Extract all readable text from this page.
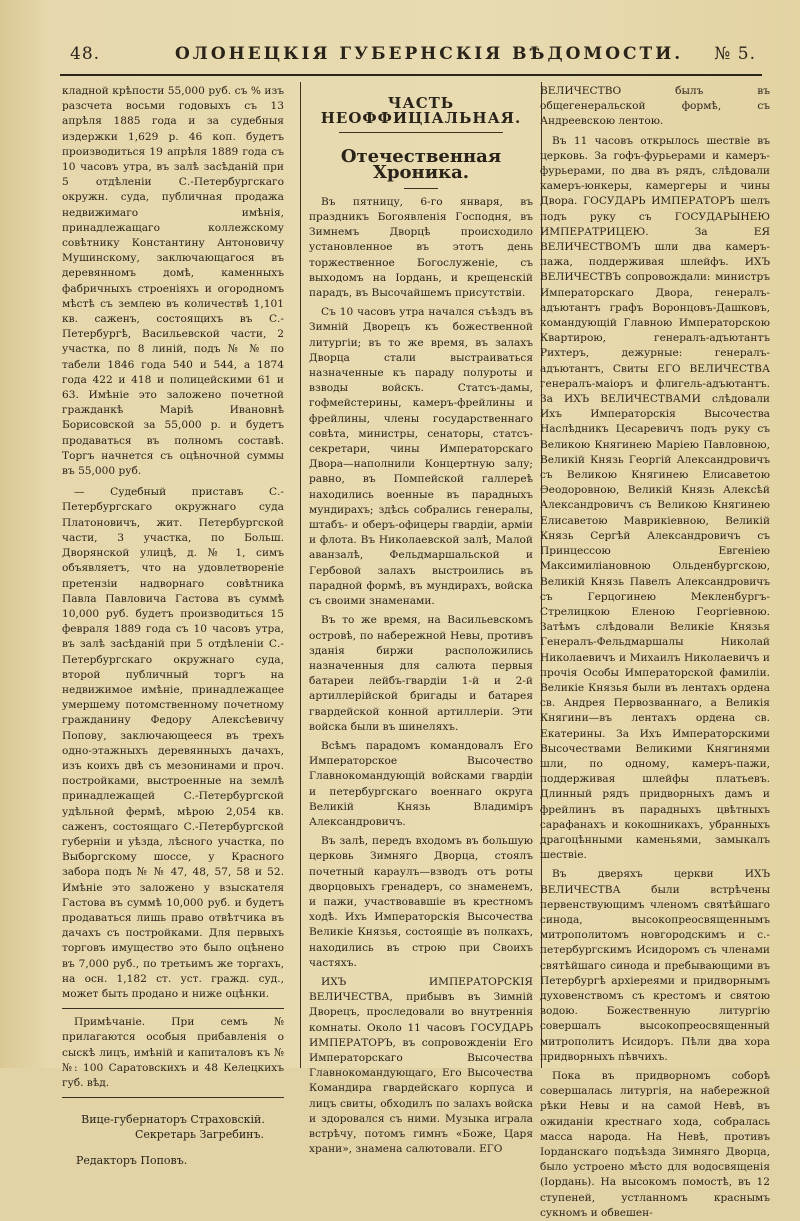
48.	ОЛОНЕЦКІЯ ГУБЕРНСКІЯ ВѢДОМОСТИ. № 5.

кладной крѣпости 55,000 руб. съ % изъ разсчета восьми годовыхъ съ 13 апрѣля 1885 года и за судебныя издержки 1,629 р. 46 коп. будетъ производиться 19 апрѣля 1889 года съ 10 часовъ утра, въ залѣ засѣданій при 5 отдѣленіи С.-Петербургскаго окружн. суда, публичная продажа недвижимаго имѣнія, принадлежащаго коллежскому совѣтнику Константину Антоновичу Мушинскому, заключающагося въ деревянномъ домѣ, каменныхъ фабричныхъ строеніяхъ и огородномъ мѣстѣ съ землею въ количествѣ 1,101 кв. саженъ, состоящихъ въ С.-Петербургѣ, Васильевской части, 2 участка, по 8 линій, подъ № № по табели 1846 года 540 и 544, а 1874 года 422 и 418 и полицейскими 61 и 63. Имѣніе это заложено почетной гражданкѣ Маріѣ Ивановнѣ Борисовской за 55,000 р. и будетъ продаваться въ полномъ составѣ. Торгъ начнется съ оцѣночной суммы въ 55,000 руб.

— Судебный приставъ С.-Петербургскаго окружнаго суда Платоновичъ, жит. Петербургской части, 3 участка, по Больш. Дворянской улицѣ, д. № 1, симъ объявляетъ, что на удовлетвореніе претензіи надворнаго совѣтника Павла Павловича Гастова въ суммѣ 10,000 руб. будетъ производиться 15 февраля 1889 года съ 10 часовъ утра, въ залѣ засѣданій при 5 отдѣленіи С.-Петербургскаго окружнаго суда, второй публичный торгъ на недвижимое имѣніе, принадлежащее умершему потомственному почетному гражданину Федору Алексѣевичу Попову, заключающееся въ трехъ одно-этажныхъ деревянныхъ дачахъ, изъ коихъ двѣ съ мезонинами и проч. постройками, выстроенные на землѣ принадлежащей С.-Петербургской удѣльной фермѣ, мѣрою 2,054 кв. саженъ, состоящаго С.-Петербургской губерніи и уѣзда, лѣсного участка, по Выборгскому шоссе, у Красного забора подъ № № 47, 48, 57, 58 и 52. Имѣніе это заложено у взыскателя Гастова въ суммѣ 10,000 руб. и будетъ продаваться лишь право отвѣтчика въ дачахъ съ постройками. Для первыхъ торговъ имущество это было оцѣнено въ 7,000 руб., по третьимъ же торгахъ, на осн. 1,182 ст. уст. гражд. суд., может быть продано и ниже оцѣнки.

Примѣчаніе. При семъ № прилагаются особыя прибавленія о сыскѣ лицъ, имѣній и капиталовъ къ №№: 100 Саратовскихъ и 48 Келецкихъ губ. вѣд.

Вице-губернаторъ Страховскій.

Секретарь Загребинъ.

Редакторъ Поповъ.

ЧАСТЬ НЕОФФИЦІАЛЬНАЯ.
Отечественная Хроника.

Въ пятницу, 6-го января, въ праздникъ Богоявленія Господня, въ Зимнемъ Дворцѣ происходило установленное въ этотъ день торжественное Богослуженіе, съ выходомъ на Іордань, и крещенскій парадъ, въ Высочайшемъ присутствіи.

Съ 10 часовъ утра начался съѣздъ въ Зимній Дворецъ къ божественной литургіи; въ то же время, въ залахъ Дворца стали выстраиваться назначенные къ параду полуроты и взводы войскъ. Статсъ-дамы, гофмейстерины, камеръ-фрейлины и фрейлины, члены государственнаго совѣта, министры, сенаторы, статсъ-секретари, чины Императорскаго Двора—наполнили Концертную залу; равно, въ Помпейской галлереѣ находились военные въ парадныхъ мундирахъ; здѣсь собрались генералы, штабъ- и оберъ-офицеры гвардіи, арміи и флота. Въ Николаевской залѣ, Малой аванзалѣ, Фельдмаршальской и Гербовой залахъ выстроились въ парадной формѣ, въ мундирахъ, войска съ своими знаменами.

Въ то же время, на Васильевскомъ островѣ, по набережной Невы, противъ зданія биржи расположились назначенныя для салюта первыя батареи лейбъ-гвардіи 1-й и 2-й артиллерійской бригады и батарея гвардейской конной артиллеріи. Эти войска были въ шинеляхъ.

Всѣмъ парадомъ командовалъ Его Императорское Высочество Главнокомандующій войсками гвардіи и петербургскаго военнаго округа Великій Князь Владиміръ Александровичъ.

Въ залѣ, передъ входомъ въ большую церковь Зимняго Дворца, стоялъ почетный караулъ—взводъ отъ роты дворцовыхъ гренадеръ, со знаменемъ, и пажи, участвовавшіе въ крестномъ ходѣ. Ихъ Императорскія Высочества Великіе Князья, состоящіе въ полкахъ, находились въ строю при Своихъ частяхъ.

ИХЪ ИМПЕРАТОРСКІЯ ВЕЛИЧЕСТВА, прибывъ въ Зимній Дворецъ, проследовали во внутреннія комнаты. Около 11 часовъ ГОСУДАРЬ ИМПЕРАТОРЪ, въ сопровожденіи Его Императорскаго Высочества Главнокомандующаго, Его Высочества Командира гвардейскаго корпуса и лицъ свиты, обходилъ по залахъ войска и здоровался съ ними. Музыка играла встрѣчу, потомъ гимнъ «Боже, Царя храни», знамена салютовали. ЕГО

ВЕЛИЧЕСТВО былъ въ общегенеральской формѣ, съ Андреевскою лентою.

Въ 11 часовъ открылось шествіе въ церковь. За гофъ-фурьерами и камеръ-фурьерами, по два въ рядъ, слѣдовали камеръ-юнкеры, камергеры и чины Двора. ГОСУДАРЬ ИМПЕРАТОРЪ шелъ подъ руку съ ГОСУДАРЫНЕЮ ИМПЕРАТРИЦЕЮ. За ЕЯ ВЕЛИЧЕСТВОМЪ шли два камеръ-пажа, поддерживая шлейфъ. ИХЪ ВЕЛИЧЕСТВЪ сопровождали: министръ Императорскаго Двора, генералъ-адъютантъ графъ Воронцовъ-Дашковъ, командующій Главною Императорскою Квартирою, генералъ-адъютантъ Рихтеръ, дежурные: генералъ-адъютантъ, Свиты ЕГО ВЕЛИЧЕСТВА генералъ-маіоръ и флигель-адъютантъ. За ИХЪ ВЕЛИЧЕСТВАМИ слѣдовали Ихъ Императорскія Высочества Наслѣдникъ Цесаревичъ подъ руку съ Великою Княгинею Маріею Павловною, Великій Князь Георгій Александровичъ съ Великою Княгинею Елисаветою Ѳеодоровною, Великій Князь Алексѣй Александровичъ съ Великою Княгинею Елисаветою Маврикіевною, Великій Князь Сергѣй Александровичъ съ Принцессою Евгеніею Максимиліановною Ольденбургскою, Великій Князь Павелъ Александровичъ съ Герцогинею Мекленбургъ-Стрелицкою Еленою Георгіевною. Затѣмъ слѣдовали Великіе Князья Генералъ-Фельдмаршалы Николай Николаевичъ и Михаилъ Николаевичъ и прочія Особы Императорской фамиліи. Великіе Князья были въ лентахъ ордена св. Андрея Первозваннаго, а Великія Княгини—въ лентахъ ордена св. Екатерины. За Ихъ Императорскими Высочествами Великими Княгинями шли, по одному, камеръ-пажи, поддерживая шлейфы платьевъ. Длинный рядъ придворныхъ дамъ и фрейлинъ въ парадныхъ цвѣтныхъ сарафанахъ и кокошникахъ, убранныхъ драгоцѣнными каменьями, замыкалъ шествіе.

Въ дверяхъ церкви ИХЪ ВЕЛИЧЕСТВА были встрѣчены первенствующимъ членомъ святѣйшаго синода, высокопреосвященнымъ митрополитомъ новгородскимъ и с.-петербургскимъ Исидоромъ съ членами святѣйшаго синода и пребывающими въ Петербургѣ архіереями и придворнымъ духовенствомъ съ крестомъ и святою водою. Божественную литургію совершалъ высокопреосвященный митрополитъ Исидоръ. Пѣли два хора придворныхъ пѣвчихъ.

Пока въ придворномъ соборѣ совершалась литургія, на набережной рѣки Невы и на самой Невѣ, въ ожиданіи крестнаго хода, собралась масса народа. На Невѣ, противъ Іорданскаго подъѣзда Зимняго Дворца, было устроено мѣсто для водосвященія (Іордань). На высокомъ помостѣ, въ 12 ступеней, устланномъ краснымъ сукномъ и обвешен-
